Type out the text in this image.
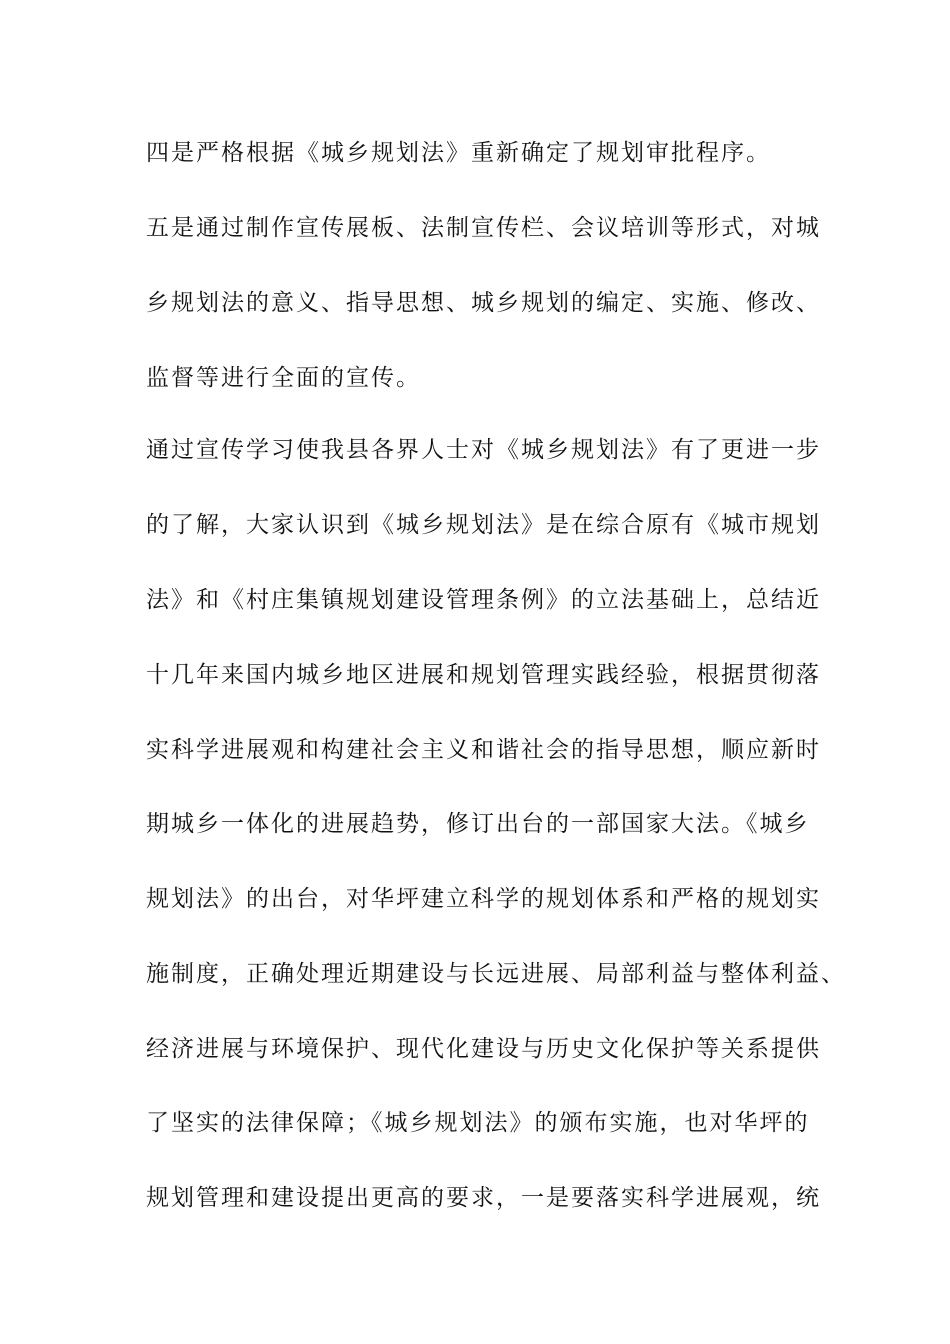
四是严格根据《城乡规划法》重新确定了规划审批程序。

五是通过制作宣传展板、法制宣传栏、会议培训等形式，对城

乡规划法的意义、指导思想、城乡规划的编定、实施、修改、

监督等进行全面的宣传。

通过宣传学习使我县各界人士对《城乡规划法》有了更进一步

的了解，大家认识到《城乡规划法》是在综合原有《城市规划

法》和《村庄集镇规划建设管理条例》的立法基础上，总结近

十几年来国内城乡地区进展和规划管理实践经验，根据贯彻落

实科学进展观和构建社会主义和谐社会的指导思想，顺应新时

期城乡一体化的进展趋势，修订出台的一部国家大法。《城乡

规划法》的出台，对华坪建立科学的规划体系和严格的规划实

施制度，正确处理近期建设与长远进展、局部利益与整体利益、

经济进展与环境保护、现代化建设与历史文化保护等关系提供

了坚实的法律保障；《城乡规划法》的颁布实施，也对华坪的

规划管理和建设提出更高的要求，一是要落实科学进展观，统
